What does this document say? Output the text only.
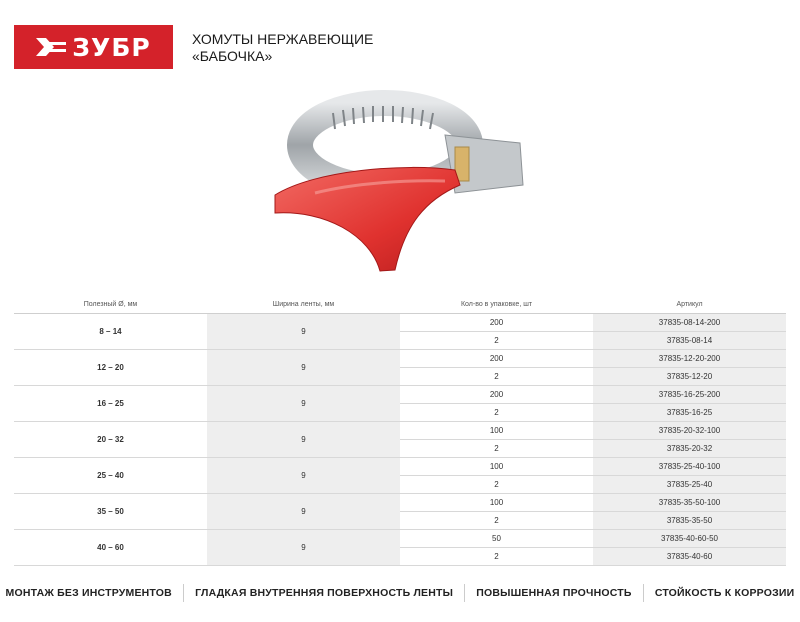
ЗУБР	ХОМУТЫ НЕРЖАВЕЮЩИЕ
«БАБОЧКА»
Полезный Ø, мм	Ширина ленты, мм	Кол-во в упаковке, шт	Артикул
8 – 14	9	200	37835-08-14-200
		2	37835-08-14
12 – 20	9	200	37835-12-20-200
		2	37835-12-20
16 – 25	9	200	37835-16-25-200
		2	37835-16-25
20 – 32	9	100	37835-20-32-100
		2	37835-20-32
25 – 40	9	100	37835-25-40-100
		2	37835-25-40
35 – 50	9	100	37835-35-50-100
		2	37835-35-50
40 – 60	9	50	37835-40-60-50
		2	37835-40-60
МОНТАЖ БЕЗ ИНСТРУМЕНТОВ ГЛАДКАЯ ВНУТРЕННЯЯ ПОВЕРХНОСТЬ ЛЕНТЫ ПОВЫШЕННАЯ ПРОЧНОСТЬ СТОЙКОСТЬ К КОРРОЗИИ
